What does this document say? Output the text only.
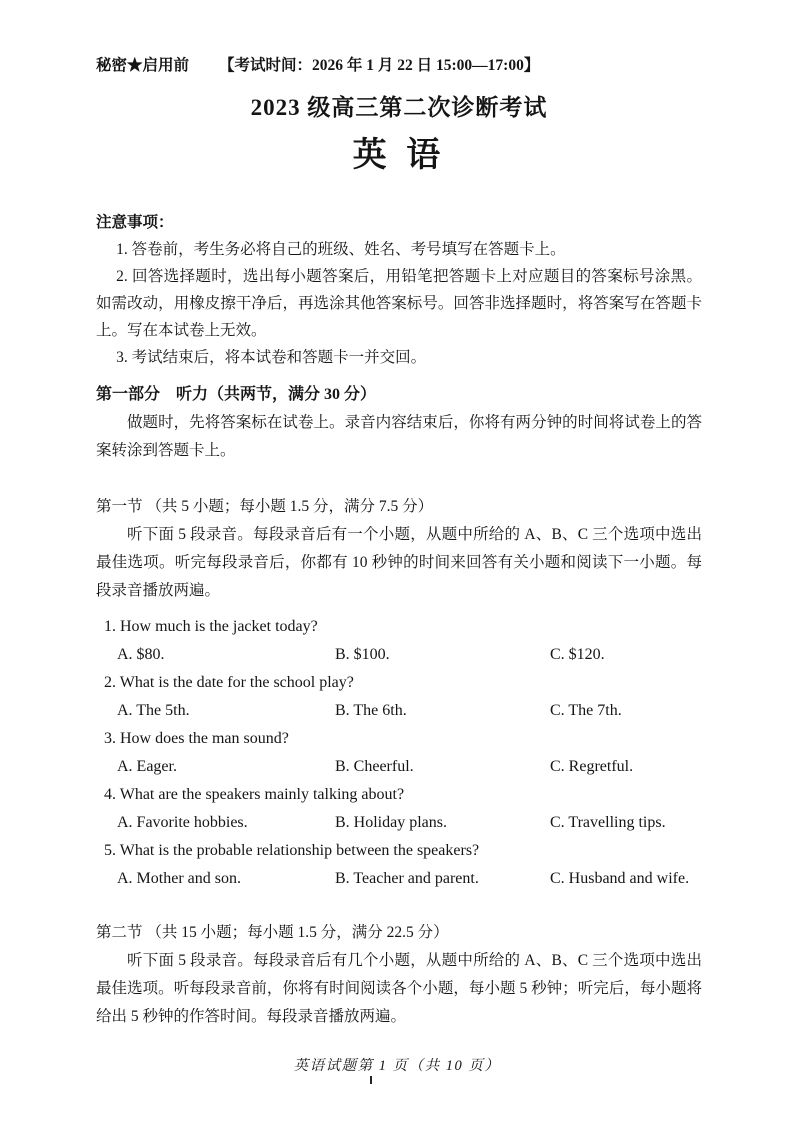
秘密★启用前 【考试时间：2026 年 1 月 22 日 15:00—17:00】
2023 级高三第二次诊断考试
英 语
注意事项：

1. 答卷前，考生务必将自己的班级、姓名、考号填写在答题卡上。

2. 回答选择题时，选出每小题答案后，用铅笔把答题卡上对应题目的答案标号涂黑。如需改动，用橡皮擦干净后，再选涂其他答案标号。回答非选择题时，将答案写在答题卡上。写在本试卷上无效。

3. 考试结束后，将本试卷和答题卡一并交回。

第一部分　听力（共两节，满分 30 分）

做题时，先将答案标在试卷上。录音内容结束后，你将有两分钟的时间将试卷上的答案转涂到答题卡上。

第一节 （共 5 小题；每小题 1.5 分，满分 7.5 分）

听下面 5 段录音。每段录音后有一个小题，从题中所给的 A、B、C 三个选项中选出最佳选项。听完每段录音后，你都有 10 秒钟的时间来回答有关小题和阅读下一小题。每段录音播放两遍。

1. How much is the jacket today?
A. $80.	B. $100.	C. $120.
2. What is the date for the school play?
A. The 5th.	B. The 6th.	C. The 7th.
3. How does the man sound?
A. Eager.	B. Cheerful.	C. Regretful.
4. What are the speakers mainly talking about?
A. Favorite hobbies.	B. Holiday plans.	C. Travelling tips.
5. What is the probable relationship between the speakers?
A. Mother and son.	B. Teacher and parent.	C. Husband and wife.
第二节 （共 15 小题；每小题 1.5 分，满分 22.5 分）

听下面 5 段录音。每段录音后有几个小题，从题中所给的 A、B、C 三个选项中选出最佳选项。听每段录音前，你将有时间阅读各个小题，每小题 5 秒钟；听完后，每小题将给出 5 秒钟的作答时间。每段录音播放两遍。

英语试题第 1 页（共 10 页）
